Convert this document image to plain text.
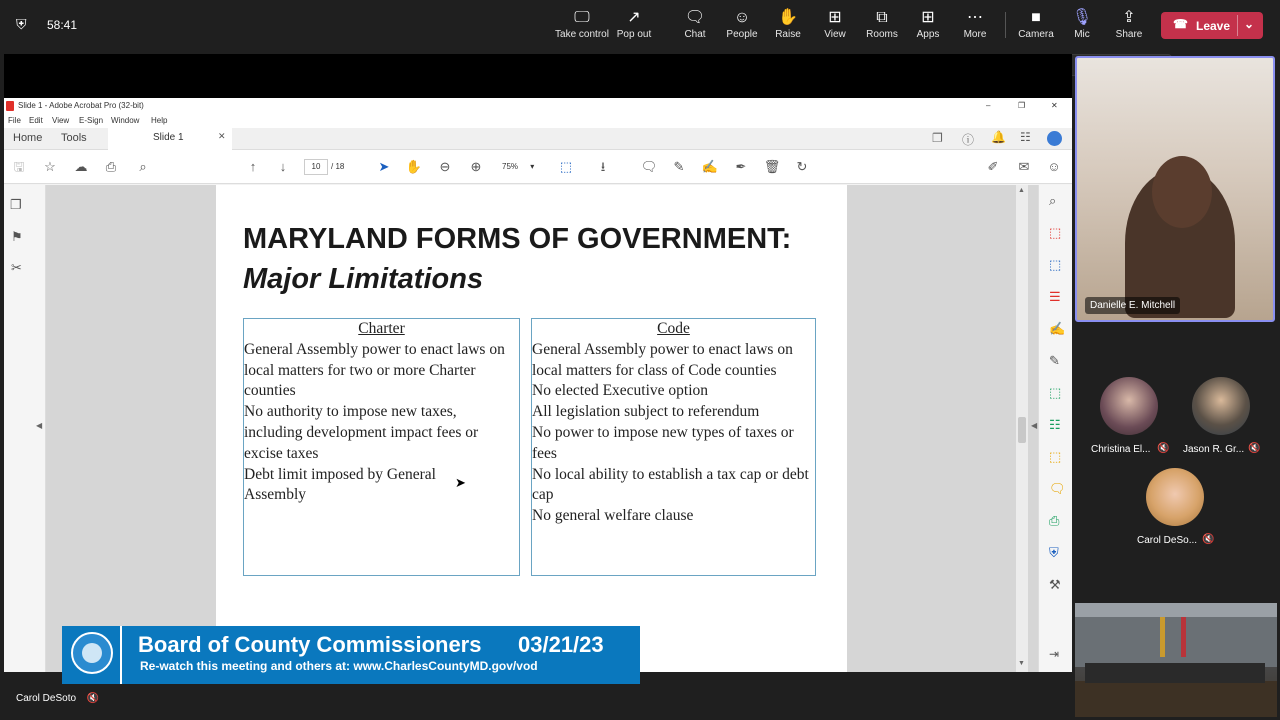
⛨ 58:41	🖵
Take control
↗
Pop out
🗨
Chat
☺
People
✋
Raise
⊞
View
⧉
Rooms
⊞
Apps
⋯
More
■
Camera
🎙
Mic
⇪
Share
☎ Leave ⌄
Slide 1 - Adobe Acrobat Pro (32-bit)	–	❐	✕
File Edit View E-Sign Window Help
Home Tools	Slide 1	✕	❐ ⓘ 🔔 ☷
🖫 ☆ ☁ ⎙	⌕	↑	↓	10	/ 18	➤ ✋ ⊖ ⊕	75% ▾	⬚	⭳	🗨 ✎ ✍ ✒ 🗑 ↻	✐ ✉ ☺
❐
⚑
✂
◀
MARYLAND FORMS OF GOVERNMENT:
Major Limitations
Charter
General Assembly power to enact laws on local matters for two or more Charter counties
No authority to impose new taxes, including development impact fees or excise taxes
Debt limit imposed by General Assembly
Code
General Assembly power to enact laws on local matters for class of Code counties
No elected Executive option
All legislation subject to referendum
No power to impose new types of taxes or fees
No local ability to establish a tax cap or debt cap
No general welfare clause
➤
▲
▼
⌕
⬚
⬚
☰
✍
✎
⬚
◀ ☷
⬚
🗨
⎙
⛨
⚒
⇥
Board of County Commissioners 03/21/23
Re-watch this meeting and others at: www.CharlesCountyMD.gov/vod
Danielle E. Mitchell
Christina El... 🔇 Jason R. Gr... 🔇
Carol DeSo... 🔇
Carol DeSoto 🔇
